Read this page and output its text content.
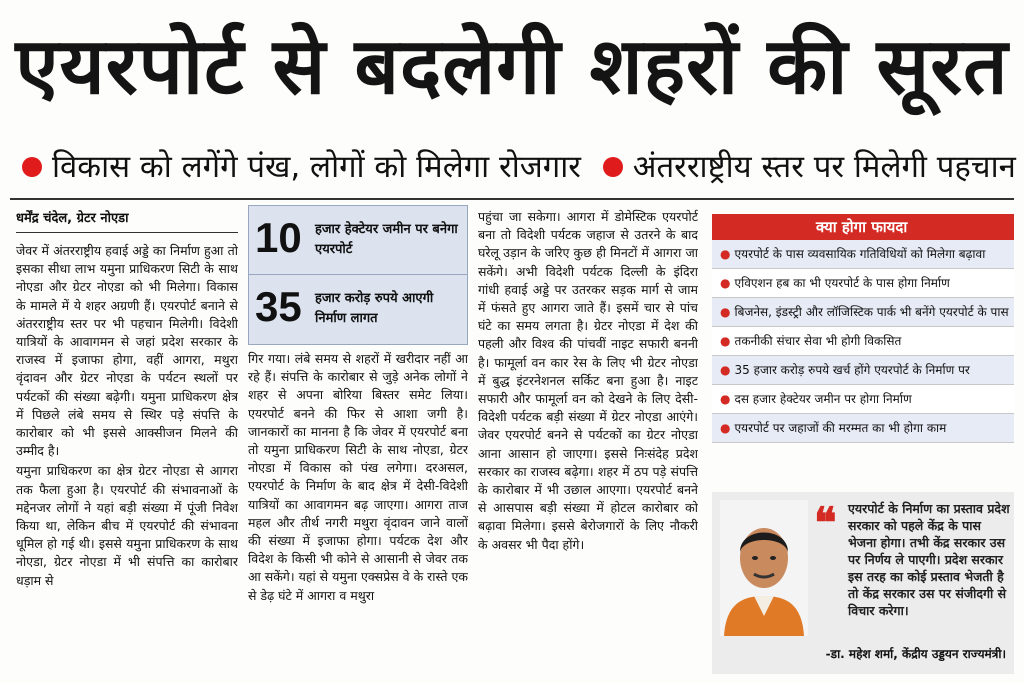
एयरपोर्ट से बदलेगी शहरों की सूरत
विकास को लगेंगे पंख, लोगों को मिलेगा रोजगार अंतरराष्ट्रीय स्तर पर मिलेगी पहचान
धर्मेंद्र चंदेल, ग्रेटर नोएडा

जेवर में अंतरराष्ट्रीय हवाई अड्डे का निर्माण हुआ तो इसका सीधा लाभ यमुना प्राधिकरण सिटी के साथ नोएडा और ग्रेटर नोएडा को भी मिलेगा। विकास के मामले में ये शहर अग्रणी हैं। एयरपोर्ट बनाने से अंतरराष्ट्रीय स्तर पर भी पहचान मिलेगी। विदेशी यात्रियों के आवागमन से जहां प्रदेश सरकार के राजस्व में इजाफा होगा, वहीं आगरा, मथुरा वृंदावन और ग्रेटर नोएडा के पर्यटन स्थलों पर पर्यटकों की संख्या बढ़ेगी। यमुना प्राधिकरण क्षेत्र में पिछले लंबे समय से स्थिर पड़े संपत्ति के कारोबार को भी इससे आक्सीजन मिलने की उम्मीद है।

यमुना प्राधिकरण का क्षेत्र ग्रेटर नोएडा से आगरा तक फैला हुआ है। एयरपोर्ट की संभावनाओं के मद्देनजर लोगों ने यहां बड़ी संख्या में पूंजी निवेश किया था, लेकिन बीच में एयरपोर्ट की संभावना धूमिल हो गई थी। इससे यमुना प्राधिकरण के साथ नोएडा, ग्रेटर नोएडा में भी संपत्ति का कारोबार धड़ाम से

10 हजार हेक्टेयर जमीन पर बनेगा एयरपोर्ट
35 हजार करोड़ रुपये आएगी निर्माण लागत

गिर गया। लंबे समय से शहरों में खरीदार नहीं आ रहे हैं। संपत्ति के कारोबार से जुड़े अनेक लोगों ने शहर से अपना बोरिया बिस्तर समेट लिया। एयरपोर्ट बनने की फिर से आशा जगी है। जानकारों का मानना है कि जेवर में एयरपोर्ट बना तो यमुना प्राधिकरण सिटी के साथ नोएडा, ग्रेटर नोएडा में विकास को पंख लगेगा। दरअसल, एयरपोर्ट के निर्माण के बाद क्षेत्र में देसी-विदेशी यात्रियों का आवागमन बढ़ जाएगा। आगरा ताज महल और तीर्थ नगरी मथुरा वृंदावन जाने वालों की संख्या में इजाफा होगा। पर्यटक देश और विदेश के किसी भी कोने से आसानी से जेवर तक आ सकेंगे। यहां से यमुना एक्सप्रेस वे के रास्ते एक से डेढ़ घंटे में आगरा व मथुरा

पहुंचा जा सकेगा। आगरा में डोमेस्टिक एयरपोर्ट बना तो विदेशी पर्यटक जहाज से उतरने के बाद घरेलू उड़ान के जरिए कुछ ही मिनटों में आगरा जा सकेंगे। अभी विदेशी पर्यटक दिल्ली के इंदिरा गांधी हवाई अड्डे पर उतरकर सड़क मार्ग से जाम में फंसते हुए आगरा जाते हैं। इसमें चार से पांच घंटे का समय लगता है। ग्रेटर नोएडा में देश की पहली और विश्व की पांचवीं नाइट सफारी बननी है। फामूर्ला वन कार रेस के लिए भी ग्रेटर नोएडा में बुद्ध इंटरनेशनल सर्किट बना हुआ है। नाइट सफारी और फामूर्ला वन को देखने के लिए देसी-विदेशी पर्यटक बड़ी संख्या में ग्रेटर नोएडा आएंगे। जेवर एयरपोर्ट बनने से पर्यटकों का ग्रेटर नोएडा आना आसान हो जाएगा। इससे निःसंदेह प्रदेश सरकार का राजस्व बढ़ेगा। शहर में ठप पड़े संपत्ति के कारोबार में भी उछाल आएगा। एयरपोर्ट बनने से आसपास बड़ी संख्या में होटल कारोबार को बढ़ावा मिलेगा। इससे बेरोजगारों के लिए नौकरी के अवसर भी पैदा होंगे।

क्या होगा फायदा
● एयरपोर्ट के पास व्यवसायिक गतिविधियों को मिलेगा बढ़ावा
● एविएशन हब का भी एयरपोर्ट के पास होगा निर्माण
● बिजनेस, इंडस्ट्री और लॉजिस्टिक पार्क भी बनेंगे एयरपोर्ट के पास
● तकनीकी संचार सेवा भी होगी विकसित
● 35 हजार करोड़ रुपये खर्च होंगे एयरपोर्ट के निर्माण पर
● दस हजार हेक्टेयर जमीन पर होगा निर्माण
● एयरपोर्ट पर जहाजों की मरम्मत का भी होगा काम
❝ एयरपोर्ट के निर्माण का प्रस्ताव प्रदेश सरकार को पहले केंद्र के पास भेजना होगा। तभी केंद्र सरकार उस पर निर्णय ले पाएगी। प्रदेश सरकार इस तरह का कोई प्रस्ताव भेजती है तो केंद्र सरकार उस पर संजीदगी से विचार करेगा।
-डा. महेश शर्मा, केंद्रीय उड्डयन राज्यमंत्री।
